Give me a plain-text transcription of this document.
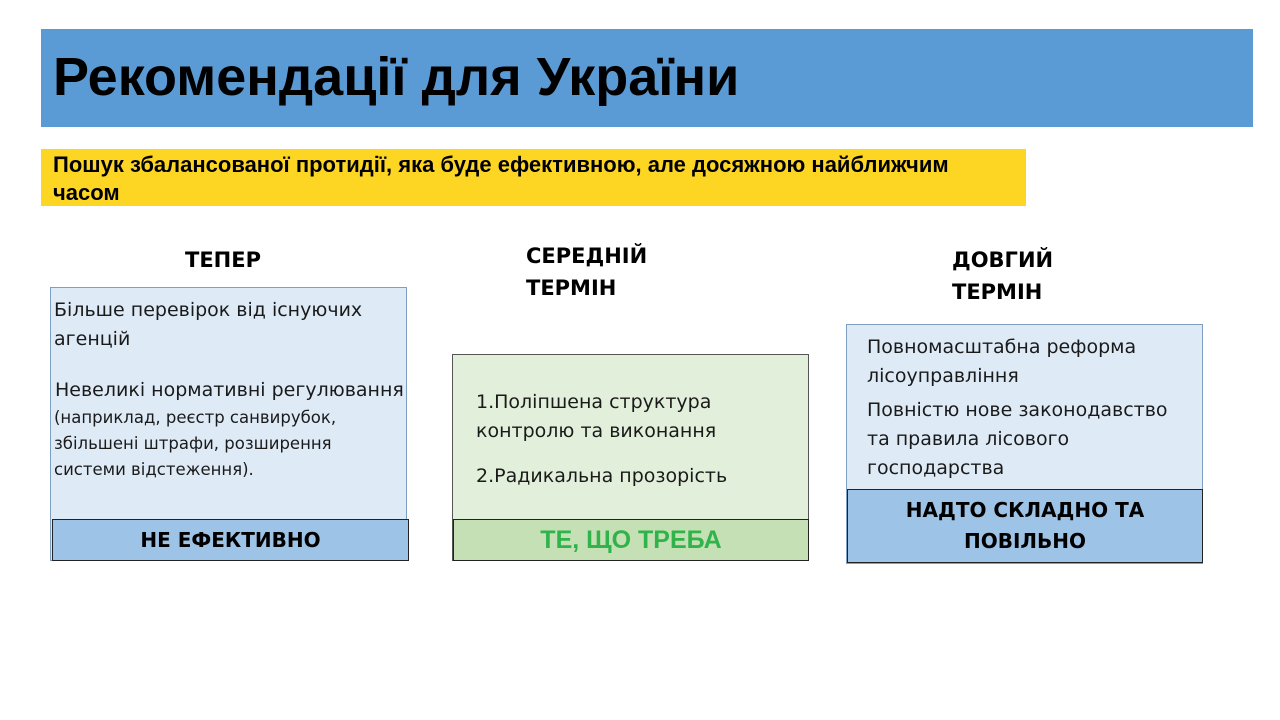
Рекомендації для України

Пошук збалансованої протидії, яка буде ефективною, але досяжною найближчим часом

ТЕПЕР	СЕРЕДНІЙ
ТЕРМІН
ДОВГИЙ
ТЕРМІН
Більше перевірок від існуючих агенцій
Невеликі нормативні регулювання
(наприклад, реєстр санвирубок, збільшені штрафи, розширення системи відстеження).
НЕ ЕФЕКТИВНО
1.Поліпшена структура контролю та виконання
2.Радикальна прозорість
ТЕ, ЩО ТРЕБА
Повномасштабна реформа лісоуправління
Повністю нове законодавство та правила лісового господарства
НАДТО СКЛАДНО ТА ПОВІЛЬНО
